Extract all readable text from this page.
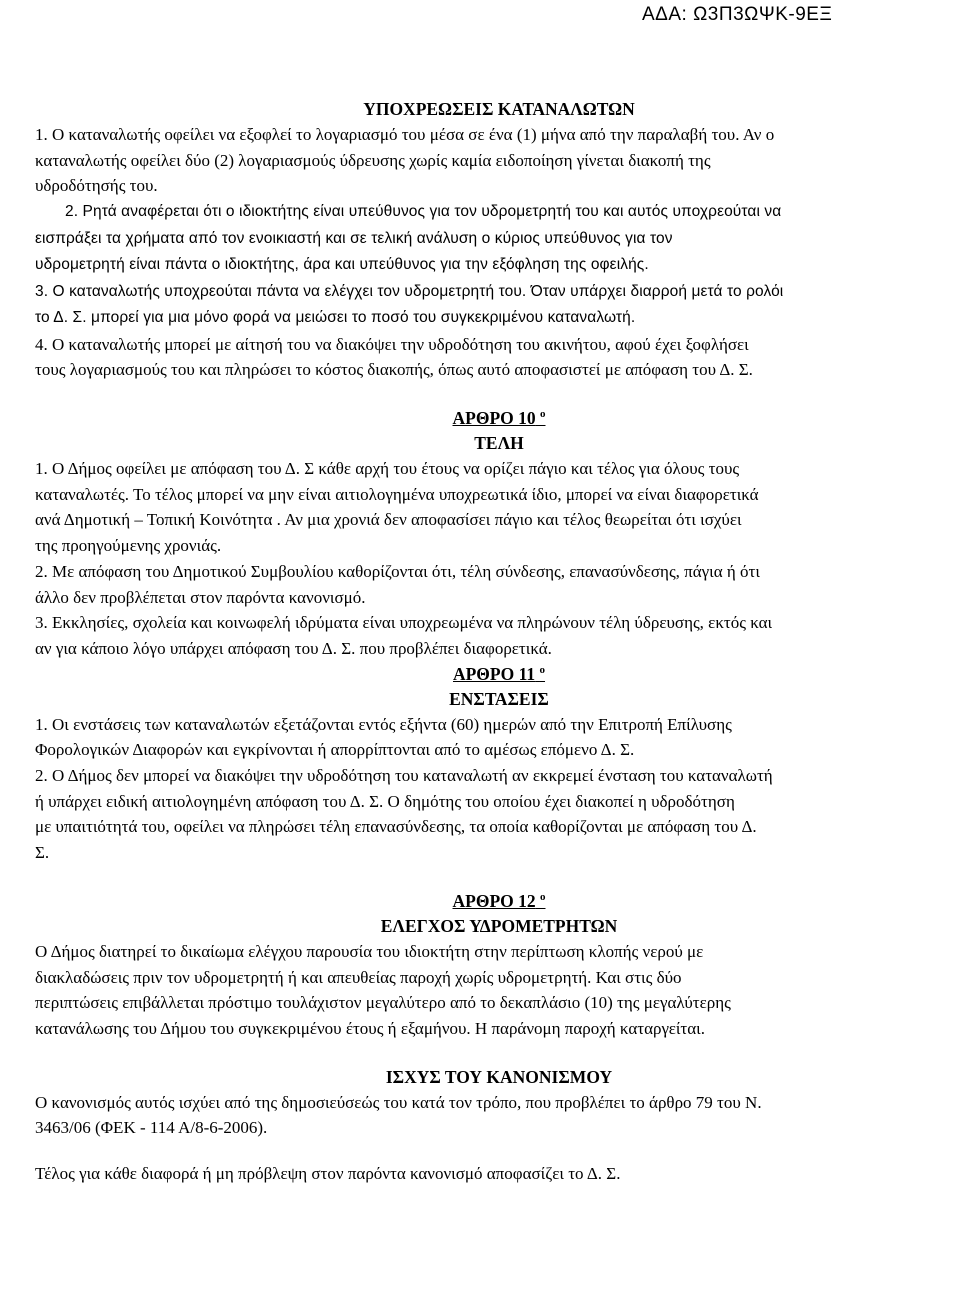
ΑΔΑ: Ω3Π3ΩΨΚ-9ΕΞ
ΥΠΟΧΡΕΩΣΕΙΣ ΚΑΤΑΝΑΛΩΤΩΝ
1. Ο καταναλωτής οφείλει να εξοφλεί το λογαριασμό του μέσα σε ένα (1) μήνα από την παραλαβή του. Αν ο
καταναλωτής οφείλει δύο (2) λογαριασμούς ύδρευσης χωρίς καμία ειδοποίηση γίνεται διακοπή της
υδροδότησής του.
2. Ρητά αναφέρεται ότι ο ιδιοκτήτης είναι υπεύθυνος για τον υδρομετρητή του και αυτός υποχρεούται να
εισπράξει τα χρήματα από τον ενοικιαστή και σε τελική ανάλυση ο κύριος υπεύθυνος για τον
υδρομετρητή είναι πάντα ο ιδιοκτήτης, άρα και υπεύθυνος για την εξόφληση της οφειλής.
3. Ο καταναλωτής υποχρεούται πάντα να ελέγχει τον υδρομετρητή του. Όταν υπάρχει διαρροή μετά το ρολόι
το Δ. Σ. μπορεί για μια μόνο φορά να μειώσει το ποσό του συγκεκριμένου καταναλωτή.
4. Ο καταναλωτής μπορεί με αίτησή του να διακόψει την υδροδότηση του ακινήτου, αφού έχει ξοφλήσει
τους λογαριασμούς του και πληρώσει το κόστος διακοπής, όπως αυτό αποφασιστεί με απόφαση του Δ. Σ.
ΑΡΘΡΟ 10 $^o$
ΤΕΛΗ
1. Ο Δήμος οφείλει με απόφαση του Δ. Σ κάθε αρχή του έτους να ορίζει πάγιο και τέλος για όλους τους
καταναλωτές. Το τέλος μπορεί να μην είναι αιτιολογημένα υποχρεωτικά ίδιο, μπορεί να είναι διαφορετικά
ανά Δημοτική – Τοπική Κοινότητα . Αν μια χρονιά δεν αποφασίσει πάγιο και τέλος θεωρείται ότι ισχύει
της προηγούμενης χρονιάς.
2. Με απόφαση του Δημοτικού Συμβουλίου καθορίζονται ότι, τέλη σύνδεσης, επανασύνδεσης, πάγια ή ότι
άλλο δεν προβλέπεται στον παρόντα κανονισμό.
3. Εκκλησίες, σχολεία και κοινωφελή ιδρύματα είναι υποχρεωμένα να πληρώνουν τέλη ύδρευσης, εκτός και
αν για κάποιο λόγο υπάρχει απόφαση του Δ. Σ. που προβλέπει διαφορετικά.
ΑΡΘΡΟ 11 $^o$
ΕΝΣΤΑΣΕΙΣ
1. Οι ενστάσεις των καταναλωτών εξετάζονται εντός εξήντα (60) ημερών από την Επιτροπή Επίλυσης
Φορολογικών Διαφορών και εγκρίνονται ή απορρίπτονται από το αμέσως επόμενο Δ. Σ.
2. Ο Δήμος δεν μπορεί να διακόψει την υδροδότηση του καταναλωτή αν εκκρεμεί ένσταση του καταναλωτή
ή υπάρχει ειδική αιτιολογημένη απόφαση του Δ. Σ. Ο δημότης του οποίου έχει διακοπεί η υδροδότηση
με υπαιτιότητά του, οφείλει να πληρώσει τέλη επανασύνδεσης, τα οποία καθορίζονται με απόφαση του Δ.
Σ.
ΑΡΘΡΟ 12 $^o$
ΕΛΕΓΧΟΣ ΥΔΡΟΜΕΤΡΗΤΩΝ
Ο Δήμος διατηρεί το δικαίωμα ελέγχου παρουσία του ιδιοκτήτη στην περίπτωση κλοπής νερού με
διακλαδώσεις πριν τον υδρομετρητή ή και απευθείας παροχή χωρίς υδρομετρητή. Και στις δύο
περιπτώσεις επιβάλλεται πρόστιμο τουλάχιστον μεγαλύτερο από το δεκαπλάσιο (10) της μεγαλύτερης
κατανάλωσης του Δήμου του συγκεκριμένου έτους ή εξαμήνου. Η παράνομη παροχή καταργείται.
ΙΣΧΥΣ ΤΟΥ ΚΑΝΟΝΙΣΜΟΥ
Ο κανονισμός αυτός ισχύει από της δημοσιεύσεώς του κατά τον τρόπο, που προβλέπει το άρθρο 79 του Ν.
3463/06 (ΦΕΚ - 114 Α/8-6-2006).
Τέλος για κάθε διαφορά ή μη πρόβλεψη στον παρόντα κανονισμό αποφασίζει το Δ. Σ.
